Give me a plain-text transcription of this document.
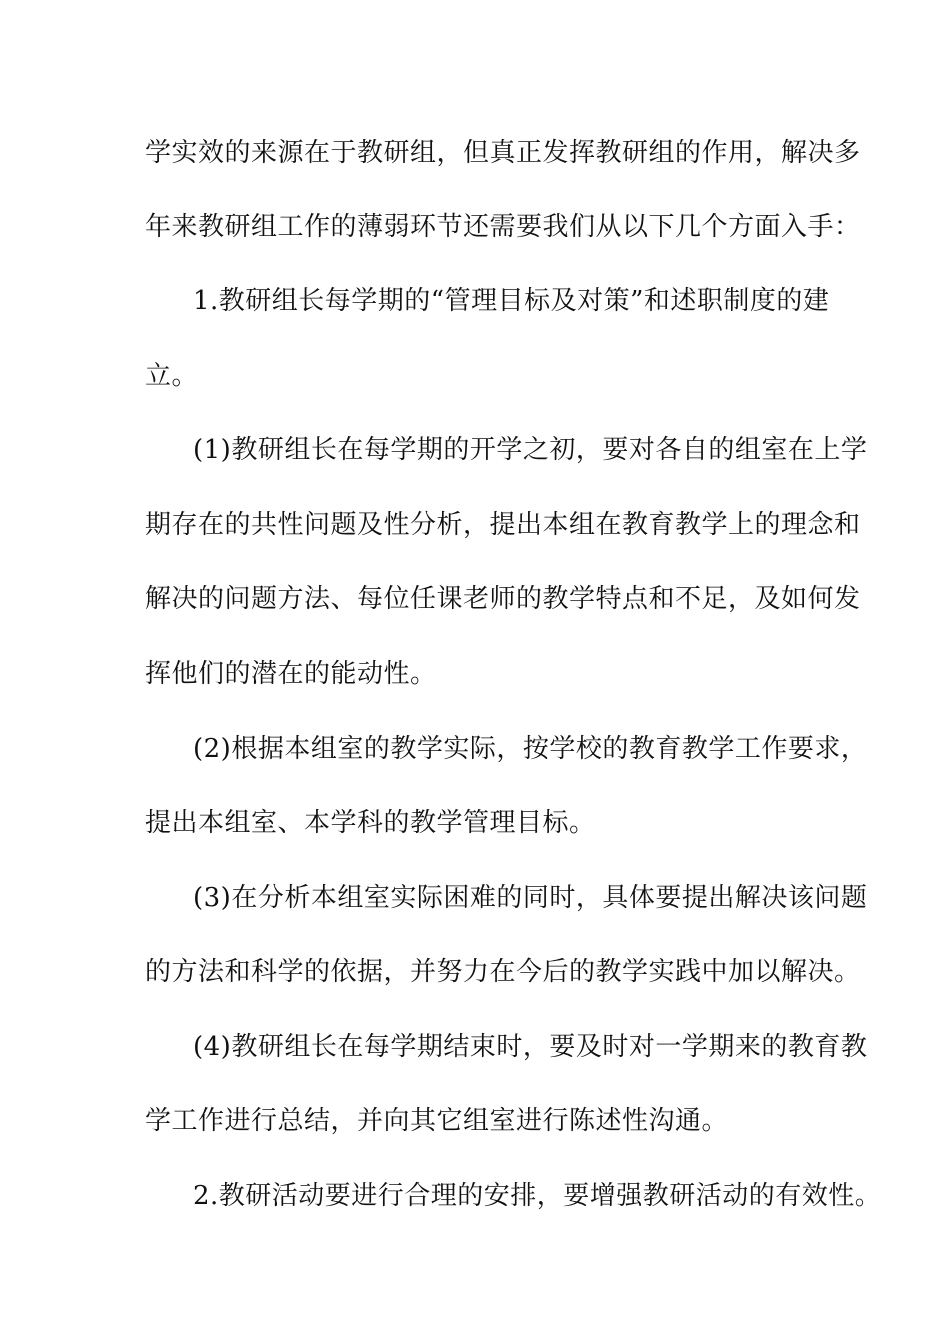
学实效的来源在于教研组，但真正发挥教研组的作用，解决多
年来教研组工作的薄弱环节还需要我们从以下几个方面入手：
1.教研组长每学期的“管理目标及对策”和述职制度的建
立。
(1)教研组长在每学期的开学之初，要对各自的组室在上学
期存在的共性问题及性分析，提出本组在教育教学上的理念和
解决的问题方法、每位任课老师的教学特点和不足，及如何发
挥他们的潜在的能动性。
(2)根据本组室的教学实际，按学校的教育教学工作要求，
提出本组室、本学科的教学管理目标。
(3)在分析本组室实际困难的同时，具体要提出解决该问题
的方法和科学的依据，并努力在今后的教学实践中加以解决。
(4)教研组长在每学期结束时，要及时对一学期来的教育教
学工作进行总结，并向其它组室进行陈述性沟通。
2.教研活动要进行合理的安排，要增强教研活动的有效性。
